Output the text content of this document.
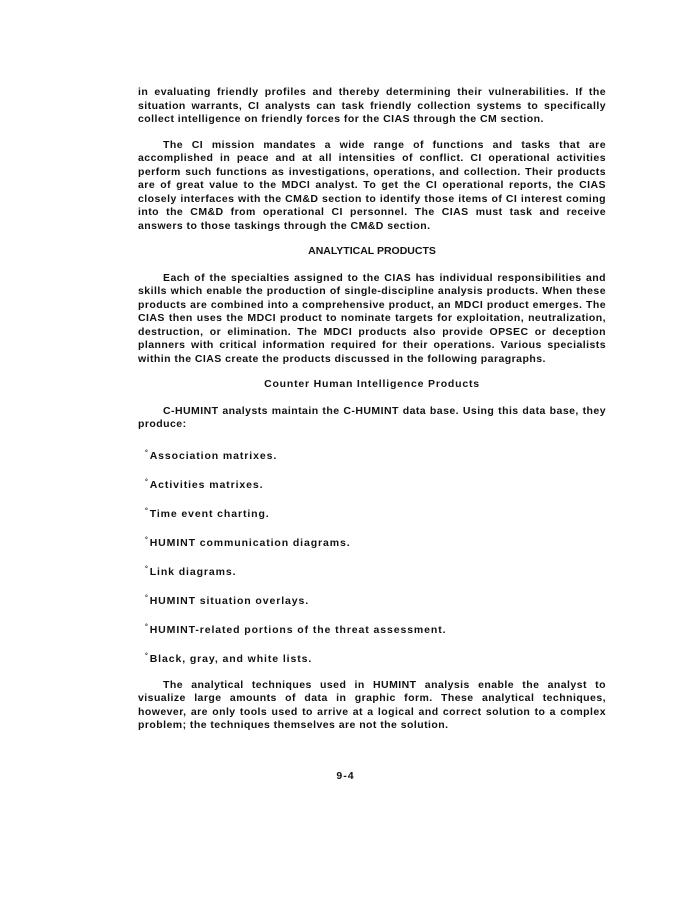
in evaluating friendly profiles and thereby determining their vulnerabilities. If the situation warrants, CI analysts can task friendly collection systems to specifically collect intelligence on friendly forces for the CIAS through the CM section.

The CI mission mandates a wide range of functions and tasks that are accomplished in peace and at all intensities of conflict. CI operational activities perform such functions as investigations, operations, and collection. Their products are of great value to the MDCI analyst. To get the CI operational reports, the CIAS closely interfaces with the CM&D section to identify those items of CI interest coming into the CM&D from operational CI personnel. The CIAS must task and receive answers to those taskings through the CM&D section.

ANALYTICAL PRODUCTS

Each of the specialties assigned to the CIAS has individual responsibilities and skills which enable the production of single-discipline analysis products. When these products are combined into a comprehensive product, an MDCI product emerges. The CIAS then uses the MDCI product to nominate targets for exploitation, neutralization, destruction, or elimination. The MDCI products also provide OPSEC or deception planners with critical information required for their operations. Various specialists within the CIAS create the products discussed in the following paragraphs.

Counter Human Intelligence Products

C-HUMINT analysts maintain the C-HUMINT data base. Using this data base, they produce:

°Association matrixes.
°Activities matrixes.
°Time event charting.
°HUMINT communication diagrams.
°Link diagrams.
°HUMINT situation overlays.
°HUMINT-related portions of the threat assessment.
°Black, gray, and white lists.

The analytical techniques used in HUMINT analysis enable the analyst to visualize large amounts of data in graphic form. These analytical techniques, however, are only tools used to arrive at a logical and correct solution to a complex problem; the techniques themselves are not the solution.

9-4
